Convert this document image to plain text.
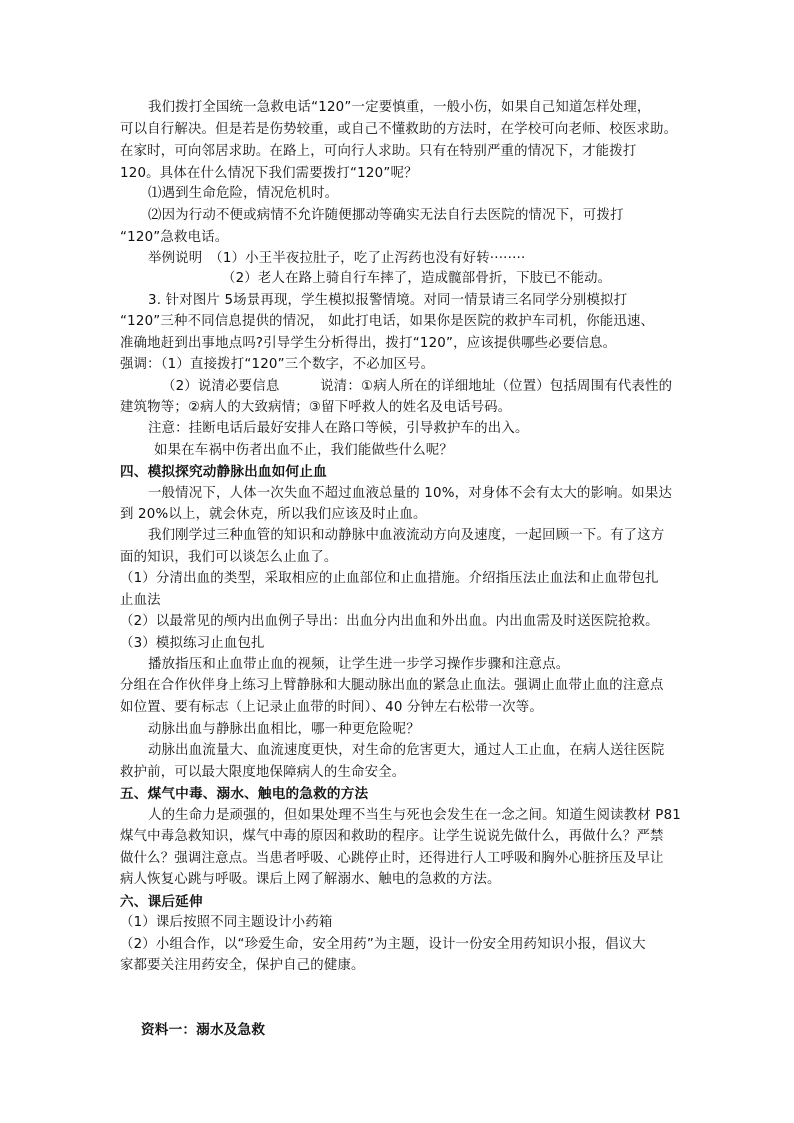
我们拨打全国统一急救电话“120”一定要慎重，一般小伤，如果自己知道怎样处理，
可以自行解决。但是若是伤势较重，或自己不懂救助的方法时，在学校可向老师、校医求助。
在家时，可向邻居求助。在路上，可向行人求助。只有在特别严重的情况下，才能拨打
120。具体在什么情况下我们需要拨打“120”呢？
⑴遇到生命危险，情况危机时。
⑵因为行动不便或病情不允许随便挪动等确实无法自行去医院的情况下，可拨打
“120”急救电话。
举例说明　（1）小王半夜拉肚子，吃了止泻药也没有好转········
（2）老人在路上骑自行车摔了，造成髋部骨折，下肢已不能动。
3. 针对图片 5场景再现，学生模拟报警情境。对同一情景请三名同学分别模拟打
“120”三种不同信息提供的情况， 如此打电话，如果你是医院的救护车司机，你能迅速、
准确地赶到出事地点吗?引导学生分析得出，拨打“120”，应该提供哪些必要信息。
强调：（1）直接拨打“120”三个数字，不必加区号。
（2）说清必要信息　　　说清：①病人所在的详细地址（位置）包括周围有代表性的
建筑物等；②病人的大致病情；③留下呼救人的姓名及电话号码。
注意：挂断电话后最好安排人在路口等候，引导救护车的出入。
如果在车祸中伤者出血不止，我们能做些什么呢？
四、模拟探究动静脉出血如何止血
一般情况下，人体一次失血不超过血液总量的 10%，对身体不会有太大的影响。如果达
到 20%以上，就会休克，所以我们应该及时止血。
我们刚学过三种血管的知识和动静脉中血液流动方向及速度，一起回顾一下。有了这方
面的知识，我们可以谈怎么止血了。
（1）分清出血的类型，采取相应的止血部位和止血措施。介绍指压法止血法和止血带包扎
止血法
（2）以最常见的颅内出血例子导出：出血分内出血和外出血。内出血需及时送医院抢救。
（3）模拟练习止血包扎
播放指压和止血带止血的视频，让学生进一步学习操作步骤和注意点。
分组在合作伙伴身上练习上臂静脉和大腿动脉出血的紧急止血法。强调止血带止血的注意点
如位置、要有标志（上记录止血带的时间）、40 分钟左右松带一次等。
动脉出血与静脉出血相比，哪一种更危险呢？
动脉出血流量大、血流速度更快，对生命的危害更大，通过人工止血，在病人送往医院
救护前，可以最大限度地保障病人的生命安全。
五、煤气中毒、溺水、触电的急救的方法
人的生命力是顽强的，但如果处理不当生与死也会发生在一念之间。知道生阅读教材 P81
煤气中毒急救知识，煤气中毒的原因和救助的程序。让学生说说先做什么，再做什么？严禁
做什么？强调注意点。当患者呼吸、心跳停止时，还得进行人工呼吸和胸外心脏挤压及早让
病人恢复心跳与呼吸。课后上网了解溺水、触电的急救的方法。
六、课后延伸
（1）课后按照不同主题设计小药箱
（2）小组合作，以“珍爱生命，安全用药”为主题，设计一份安全用药知识小报，倡议大
家都要关注用药安全，保护自己的健康。
资料一：溺水及急救
